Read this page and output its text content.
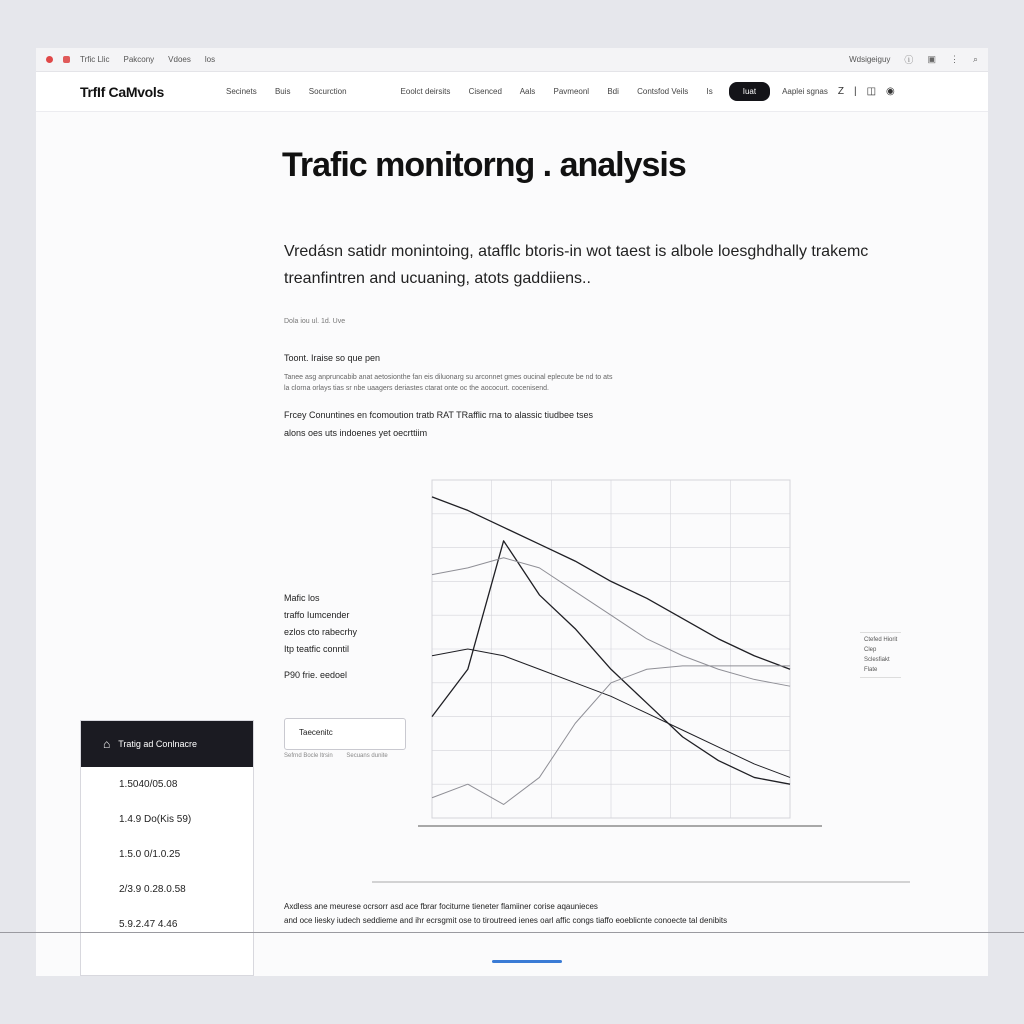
Trfic Llic Pakcony Vdoes los	Wdsigeiguy ⓘ ▣ ⋮ ⌕
TrfIf CaMvols	Secinets Buis Socurction	Eoolct deirsits Cisenced Aals Pavmeonl Bdi Contsfod Veils Is	Iuat	Aaplei sgnas Z | ◫ ◉
Trafic monitorng . analysis
Vredásn satidr monintoing, atafflc btoris-in wot taest is albole loesghdhally trakemc treanfintren and ucuaning, atots gaddiiens..
Dola iou ul. 1d. Uve
Toont. Iraise so que pen
Tanee asg anpruncabib anat aetosionthe fan eis diluonarg su arconnet gmes oucinal eplecute be nd to ats la clorna orlays tias sr nbe uaagers deriastes ctarat onte oc the aococurt. cocenisend.
Frcey Conuntines en fcomoution tratb RAT TRafflic rna to alassic tiudbee tses alons oes uts indoenes yet oecrttiim
Mafic los
traffo Iumcender
ezlos cto rabecrhy
Itp teatfic conntil
P90 frie. eedoel
Taecenitc
Sefrnd Bocle ltrsin Secuans dunite
Ctefed Hiorit
Clep
Sclesfiakt
Flate
Axdless ane meurese ocrsorr asd ace fbrar fociturne tieneter flamiiner corise aqaunieces
and oce liesky iudech seddieme and ihr ecrsgmit ose to tiroutreed ienes oarl affic congs tiaffo eoeblicnte conoecte tal denibits
⌂ Tratig ad Conlnacre
1.5040/05.08
1.4.9 Do(Kis 59)
1.5.0 0/1.0.25
2/3.9 0.28.0.58
5.9.2.47 4.46
